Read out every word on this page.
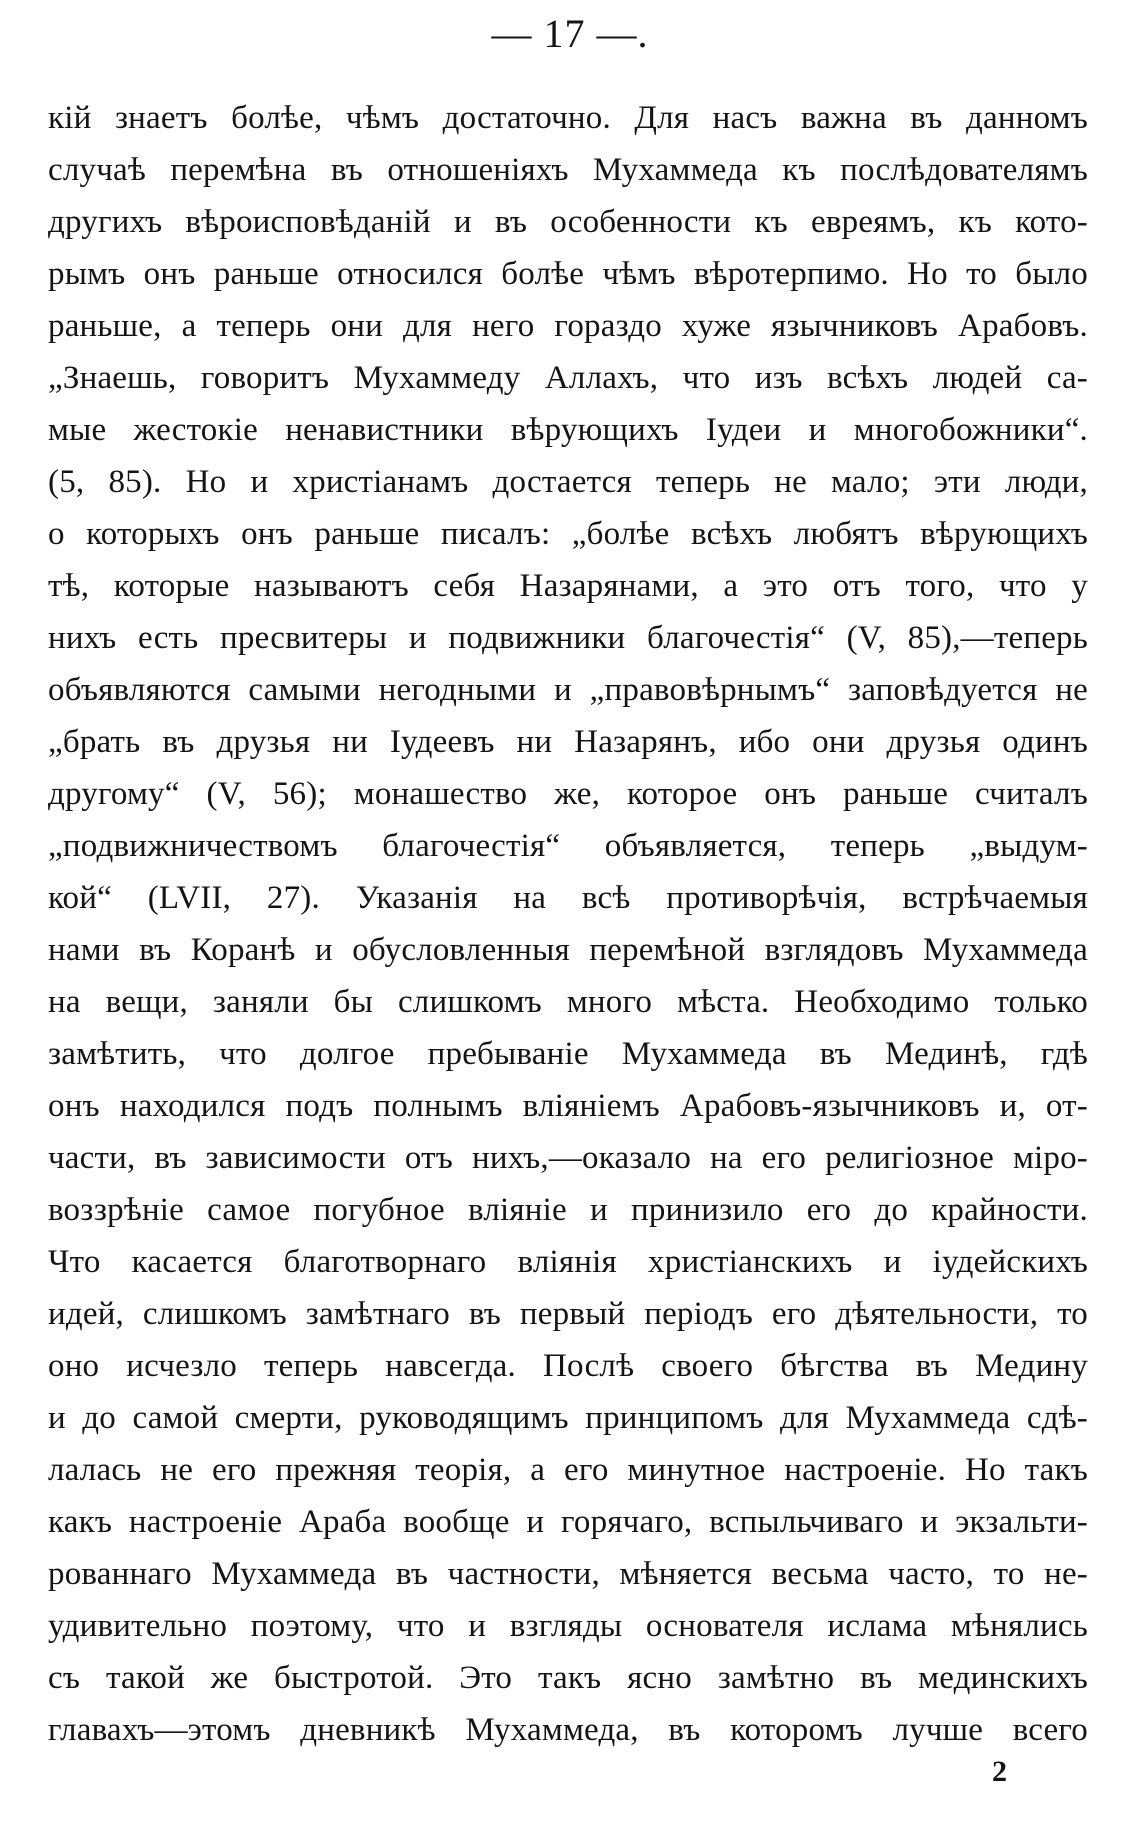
— 17 —.
кій знаетъ болѣе, чѣмъ достаточно. Для насъ важна въ данномъ
случаѣ перемѣна въ отношеніяхъ Мухаммеда къ послѣдователямъ
другихъ вѣроисповѣданій и въ особенности къ евреямъ, къ кото-
рымъ онъ раньше относился болѣе чѣмъ вѣротерпимо. Но то было
раньше, а теперь они для него гораздо хуже язычниковъ Арабовъ.
„Знаешь, говоритъ Мухаммеду Аллахъ, что изъ всѣхъ людей са-
мые жестокіе ненавистники вѣрующихъ Іудеи и многобожники“.
(5, 85). Но и христіанамъ достается теперь не мало; эти люди,
о которыхъ онъ раньше писалъ: „болѣе всѣхъ любятъ вѣрующихъ
тѣ, которые называютъ себя Назарянами, а это отъ того, что у
нихъ есть пресвитеры и подвижники благочестія“ (V, 85),—теперь
объявляются самыми негодными и „правовѣрнымъ“ заповѣдуется не
„брать въ друзья ни Іудеевъ ни Назарянъ, ибо они друзья одинъ
другому“ (V, 56); монашество же, которое онъ раньше считалъ
„подвижничествомъ благочестія“ объявляется, теперь „выдум-
кой“ (LVII, 27). Указанія на всѣ противорѣчія, встрѣчаемыя
нами въ Коранѣ и обусловленныя перемѣной взглядовъ Мухаммеда
на вещи, заняли бы слишкомъ много мѣста. Необходимо только
замѣтить, что долгое пребываніе Мухаммеда въ Мединѣ, гдѣ
онъ находился подъ полнымъ вліяніемъ Арабовъ-язычниковъ и, от-
части, въ зависимости отъ нихъ,—оказало на его религіозное міро-
воззрѣніе самое погубное вліяніе и принизило его до крайности.
Что касается благотворнаго вліянія христіанскихъ и іудейскихъ
идей, слишкомъ замѣтнаго въ первый періодъ его дѣятельности, то
оно исчезло теперь навсегда. Послѣ своего бѣгства въ Медину
и до самой смерти, руководящимъ принципомъ для Мухаммеда сдѣ-
лалась не его прежняя теорія, а его минутное настроеніе. Но такъ
какъ настроеніе Араба вообще и горячаго, вспыльчиваго и экзальти-
рованнаго Мухаммеда въ частности, мѣняется весьма часто, то не-
удивительно поэтому, что и взгляды основателя ислама мѣнялись
съ такой же быстротой. Это такъ ясно замѣтно въ мединскихъ
главахъ—этомъ дневникѣ Мухаммеда, въ которомъ лучше всего
2
